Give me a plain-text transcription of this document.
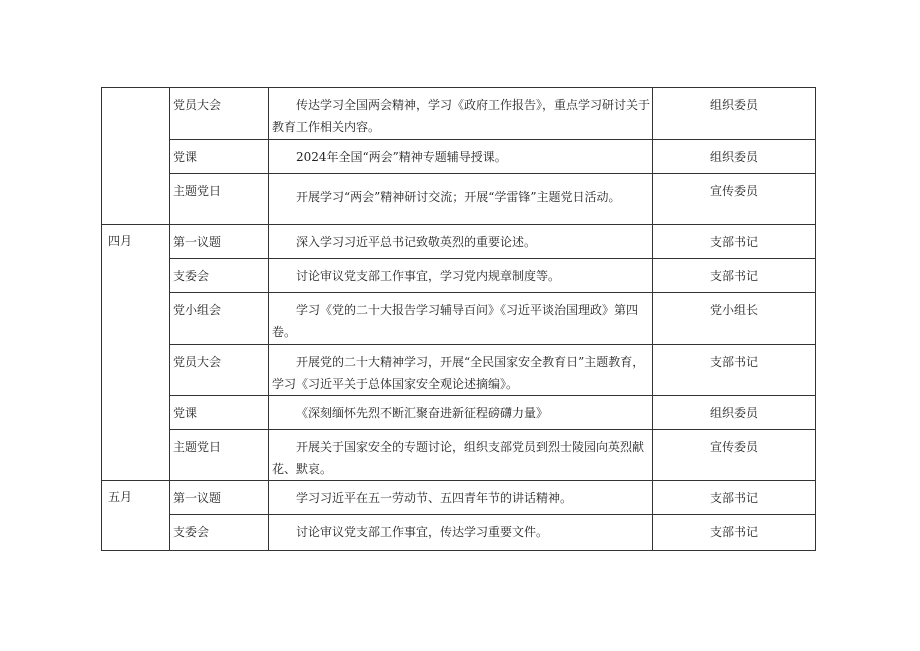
	党员大会	传达学习全国两会精神，学习《政府工作报告》，重点学习研讨关于教育工作相关内容。	组织委员
	党课	2024年全国“两会”精神专题辅导授课。	组织委员
	主题党日	开展学习“两会”精神研讨交流；开展“学雷锋”主题党日活动。	宣传委员
四月	第一议题	深入学习习近平总书记致敬英烈的重要论述。	支部书记
	支委会	讨论审议党支部工作事宜，学习党内规章制度等。	支部书记
	党小组会	学习《党的二十大报告学习辅导百问》《习近平谈治国理政》第四卷。	党小组长
	党员大会	开展党的二十大精神学习，开展“全民国家安全教育日”主题教育，学习《习近平关于总体国家安全观论述摘编》。	支部书记
	党课	《深刻缅怀先烈不断汇聚奋进新征程磅礴力量》	组织委员
	主题党日	开展关于国家安全的专题讨论，组织支部党员到烈士陵园向英烈献花、默哀。	宣传委员
五月	第一议题	学习习近平在五一劳动节、五四青年节的讲话精神。	支部书记
	支委会	讨论审议党支部工作事宜，传达学习重要文件。	支部书记
